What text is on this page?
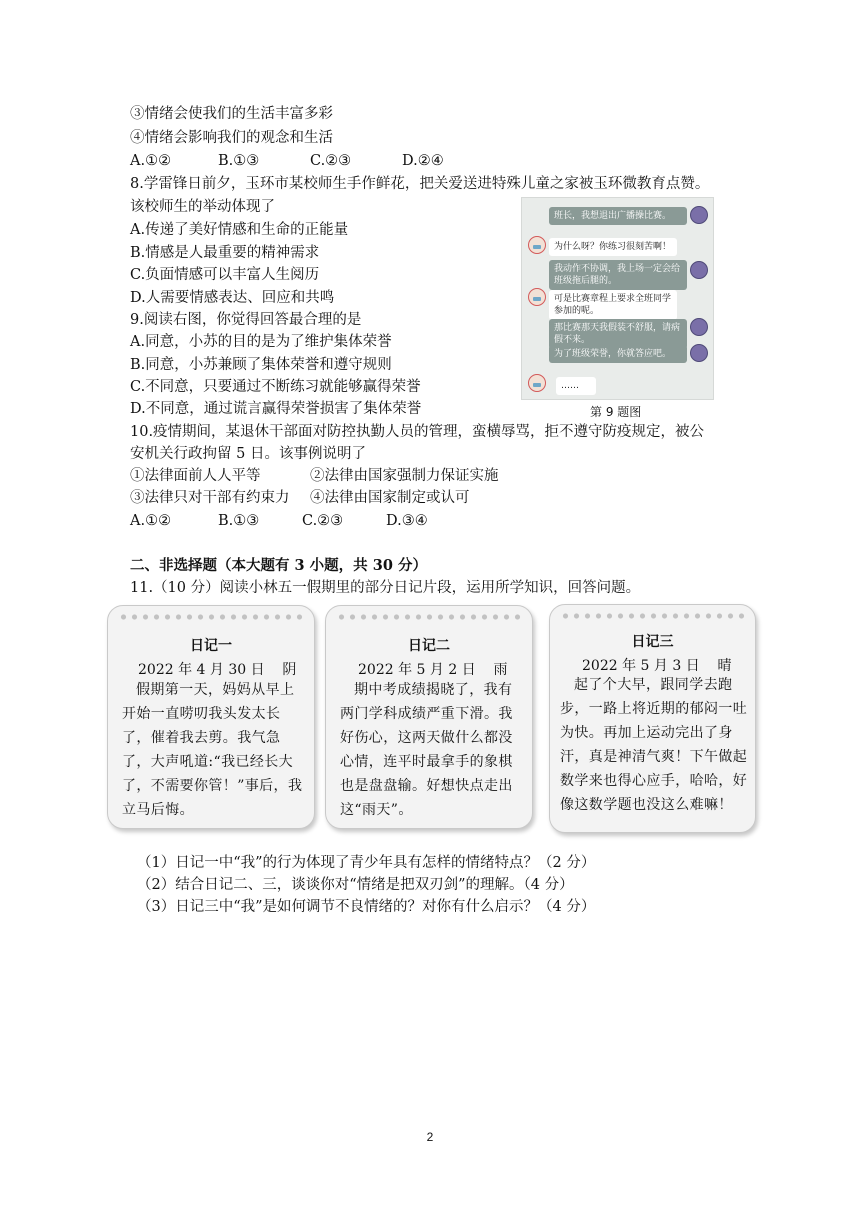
③情绪会使我们的生活丰富多彩
④情绪会影响我们的观念和生活
A.①②	B.①③	C.②③	D.②④
8.学雷锋日前夕，玉环市某校师生手作鲜花，把关爱送进特殊儿童之家被玉环微教育点赞。
该校师生的举动体现了
A.传递了美好情感和生命的正能量
B.情感是人最重要的精神需求
C.负面情感可以丰富人生阅历
D.人需要情感表达、回应和共鸣
9.阅读右图，你觉得回答最合理的是
A.同意，小苏的目的是为了维护集体荣誉
B.同意，小苏兼顾了集体荣誉和遵守规则
C.不同意，只要通过不断练习就能够赢得荣誉
D.不同意，通过谎言赢得荣誉损害了集体荣誉
班长，我想退出广播操比赛。
为什么呀？你练习很刻苦啊！
我动作不协调，我上场一定会给班级拖后腿的。
可是比赛章程上要求全班同学参加的呢。
那比赛那天我假装不舒服，请病假不来。
为了班级荣誉，你就答应吧。
……
第 9 题图
10.疫情期间，某退休干部面对防控执勤人员的管理，蛮横辱骂，拒不遵守防疫规定，被公
安机关行政拘留 5 日。该事例说明了
①法律面前人人平等	②法律由国家强制力保证实施
③法律只对干部有约束力 ④法律由国家制定或认可
A.①②	B.①③	C.②③	D.③④
二、非选择题（本大题有 3 小题，共 30 分）
11.（10 分）阅读小林五一假期里的部分日记片段，运用所学知识，回答问题。
日记一
2022 年 4 月 30 日    阴
假期第一天，妈妈从早上开始一直唠叨我头发太长了，催着我去剪。我气急了，大声吼道:“我已经长大了，不需要你管！”事后，我立马后悔。
日记二
2022 年 5 月 2 日    雨
期中考成绩揭晓了，我有两门学科成绩严重下滑。我好伤心，这两天做什么都没心情，连平时最拿手的象棋也是盘盘输。好想快点走出这“雨天”。
日记三
2022 年 5 月 3 日    晴
起了个大早，跟同学去跑步，一路上将近期的郁闷一吐为快。再加上运动完出了身汗，真是神清气爽！下午做起数学来也得心应手，哈哈，好像这数学题也没这么难嘛！
（1）日记一中“我”的行为体现了青少年具有怎样的情绪特点？（2 分）
（2）结合日记二、三，谈谈你对“情绪是把双刃剑”的理解。（4 分）
（3）日记三中“我”是如何调节不良情绪的？对你有什么启示？（4 分）
2
